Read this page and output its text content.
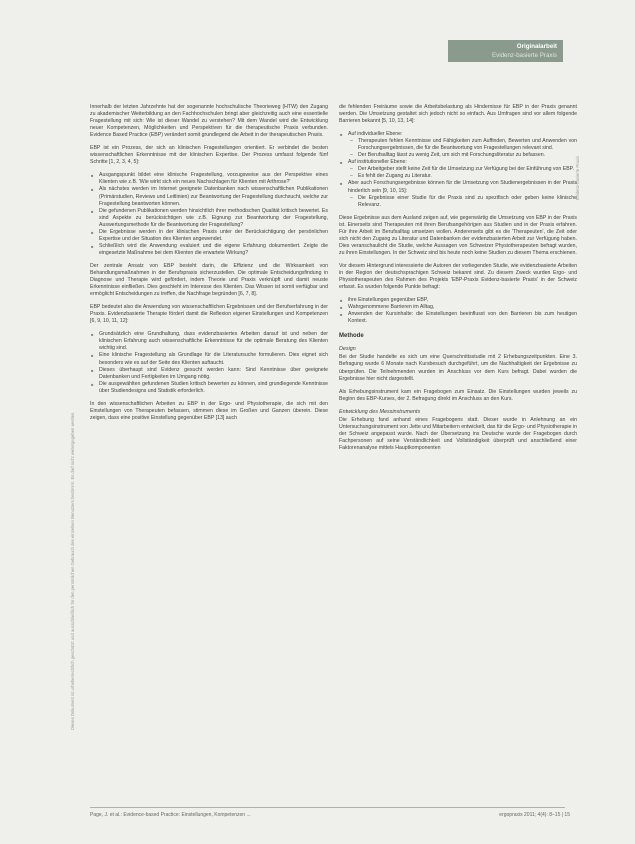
Dieses Dokument ist urheberrechtlich geschützt und ausschließlich für den persönlichen Gebrauch des einzelnen Benutzers bestimmt. Es darf nicht weitergegeben werden.
Evidenz-basierte Praxis
Originalarbeit
Evidenz-basierte Praxis

Innerhalb der letzten Jahrzehnte hat der sogenannte hochschulische Theorieweg (HTW) den Zugang zu akademischer Weiterbildung an den Fachhochschulen bringt aber gleichzeitig auch eine essentielle Fragestellung mit sich: Wie ist dieser Wandel zu verstehen? Mit dem Wandel wird die Entwicklung neuer Kompetenzen, Möglichkeiten und Perspektiven für die therapeutische Praxis verbunden. Evidence Based Practice (EBP) verändert somit grundlegend die Arbeit in der therapeutischen Praxis.

EBP ist ein Prozess, der sich an klinischen Fragestellungen orientiert. Er verbindet die besten wissenschaftlichen Erkenntnisse mit der klinischen Expertise. Der Prozess umfasst folgende fünf Schritte [1, 2, 3, 4, 5]:

■ Ausgangspunkt bildet eine klinische Fragestellung, vorzugsweise aus der Perspektive eines Klienten wie z.B. 'Wie wirkt sich ein neues Nachschlagen für Klienten mit Arthrose?'
■ Als nächstes werden im Internet geeignete Datenbanken nach wissenschaftlichen Publikationen (Primärstudien, Reviews und Leitlinien) zur Beantwortung der Fragestellung durchsucht, welche zur Fragestellung beantworten können.
■ Die gefundenen Publikationen werden hinsichtlich ihrer methodischen Qualität kritisch bewertet. Es sind Aspekte zu berücksichtigen wie z.B. Eignung zur Beantwortung der Fragestellung, Auswertungsmethode für die Beantwortung der Fragestellung?
■ Die Ergebnisse werden in der klinischen Praxis unter der Berücksichtigung der persönlichen Expertise und der Situation des Klienten angewendet.
■ Schließlich wird die Anwendung evaluiert und die eigene Erfahrung dokumentiert. Zeigte die eingesetzte Maßnahme bei dem Klienten die erwartete Wirkung?

Der zentrale Ansatz von EBP besteht darin, die Effizienz und die Wirksamkeit von Behandlungsmaßnahmen in der Berufspraxis sicherzustellen. Die optimale Entscheidungsfindung in Diagnose und Therapie wird gefördert, indem Theorie und Praxis verknüpft und damit neuste Erkenntnisse einfließen. Dies geschieht im Interesse des Klienten. Das Wissen ist somit verfügbar und ermöglicht Entscheidungen zu treffen, die Nachfrage begründen [6, 7, 8].

EBP bedeutet also die Anwendung von wissenschaftlichen Ergebnissen und der Berufserfahrung in der Praxis. Evidenzbasierte Therapie fördert damit die Reflexion eigener Einstellungen und Kompetenzen [6, 9, 10, 11, 12]:

■ Grundsätzlich eine Grundhaltung, dass evidenzbasiertes Arbeiten darauf ist und neben der klinischen Erfahrung auch wissenschaftliche Erkenntnisse für die optimale Beratung des Klienten wichtig sind.
■ Eine klinische Fragestellung als Grundlage für die Literatursuche formulieren. Dies eignet sich besonders wie es auf der Seite des Klienten auftaucht.
■ Dieses überhaupt sind Evidenz gesucht werden kann: Sind Kenntnisse über geeignete Datenbanken und Fertigkeiten im Umgang nötig.
■ Die ausgewählten gefundenen Studien kritisch bewerten zu können, sind grundlegende Kenntnisse über Studiendesigns und Statistik erforderlich.

In den wissenschaftlichen Arbeiten zu EBP in der Ergo- und Physiotherapie, die sich mit den Einstellungen von Therapeuten befassen, stimmen diese im Großen und Ganzen überein. Diese zeigen, dass eine positive Einstellung gegenüber EBP [13] auch

die fehlenden Freiräume sowie die Arbeitsbelastung als Hindernisse für EBP in der Praxis genannt werden. Die Umsetzung gestaltet sich jedoch nicht so einfach. Aus Umfragen sind vor allem folgende Barrieren bekannt [5, 10, 13, 14]:

■ Auf individueller Ebene:
– Therapeuten fehlen Kenntnisse und Fähigkeiten zum Auffinden, Bewerten und Anwenden von Forschungsergebnissen, die für die Beantwortung von Fragestellungen relevant sind.
– Der Berufsalltag lässt zu wenig Zeit, um sich mit Forschungsliteratur zu befassen.
■ Auf institutioneller Ebene:
– Der Arbeitgeber stellt keine Zeit für die Umsetzung zur Verfügung bei der Einführung von EBP.
– Es fehlt der Zugang zu Literatur.
■ Aber auch Forschungsergebnisse können für die Umsetzung von Studienergebnissen in der Praxis hinderlich sein [9, 10, 15]:
– Die Ergebnisse einer Studie für die Praxis sind zu spezifisch oder geben keine klinische Relevanz.

Diese Ergebnisse aus dem Ausland zeigen auf, wie gegenwärtig die Umsetzung von EBP in der Praxis ist. Einerseits sind Therapeuten mit ihren Berufsangehörigen aus Studien und in der Praxis erfahren. Für ihre Arbeit im Berufsalltag umsetzen wollen. Andererseits gibt es die 'Therapeuten', die Zeit oder sich nicht den Zugang zu Literatur und Datenbanken der evidenzbasierten Arbeit zur Verfügung haben. Dies veranschaulicht die Studie, welche Aussagen von Schweizer Physiotherapeuten befragt wurden, zu ihren Einstellungen. In der Schweiz sind bis heute noch keine Studien zu diesem Thema erschienen.

Vor diesem Hintergrund interessierte die Autoren der vorliegenden Studie, wie evidenzbasierte Arbeiten in der Region der deutschsprachigen Schweiz bekannt sind. Zu diesem Zweck wurden Ergo- und Physiotherapeuten des Rahmen des Projekts 'EBP-Praxis Evidenz-basierte Praxis' in der Schweiz erfasst. Es wurden folgende Punkte befragt:

■ ihre Einstellungen gegenüber EBP,
■ Wahrgenommene Barrieren im Alltag,
■ Anwenden der Kursinhalte: die Einstellungen beeinflusst von den Barrieren bis zum heutigen Kontext.
Methode
Design

Bei der Studie handelte es sich um eine Querschnittsstudie mit 2 Erhebungszeitpunkten. Eine 3. Befragung wurde 6 Monate nach Kursbesuch durchgeführt, um die Nachhaltigkeit der Ergebnisse zu überprüfen. Die Teilnehmenden wurden im Anschluss vor dem Kurs befragt. Dabei wurden die Ergebnisse hier nicht dargestellt.

Als Erhebungsinstrument kam ein Fragebogen zum Einsatz. Die Einstellungen wurden jeweils zu Beginn des EBP-Kurses, der 2. Befragung direkt im Anschluss an den Kurs.

Entwicklung des Messinstruments

Die Erhebung fand anhand eines Fragebogens statt. Dieser wurde in Anlehnung an ein Untersuchungsinstrument von Jette und Mitarbeitern entwickelt, das für die Ergo- und Physiotherapie in der Schweiz angepasst wurde. Nach der Übersetzung ins Deutsche wurde der Fragebogen durch Fachpersonen auf seine Verständlichkeit und Vollständigkeit überprüft und anschließend einer Faktorenanalyse mittels Hauptkomponenten

Page, J. et al.: Evidence-based Practice: Einstellungen, Kompetenzen ...	ergopraxis 2011; 4(4): 8–15 | 15
